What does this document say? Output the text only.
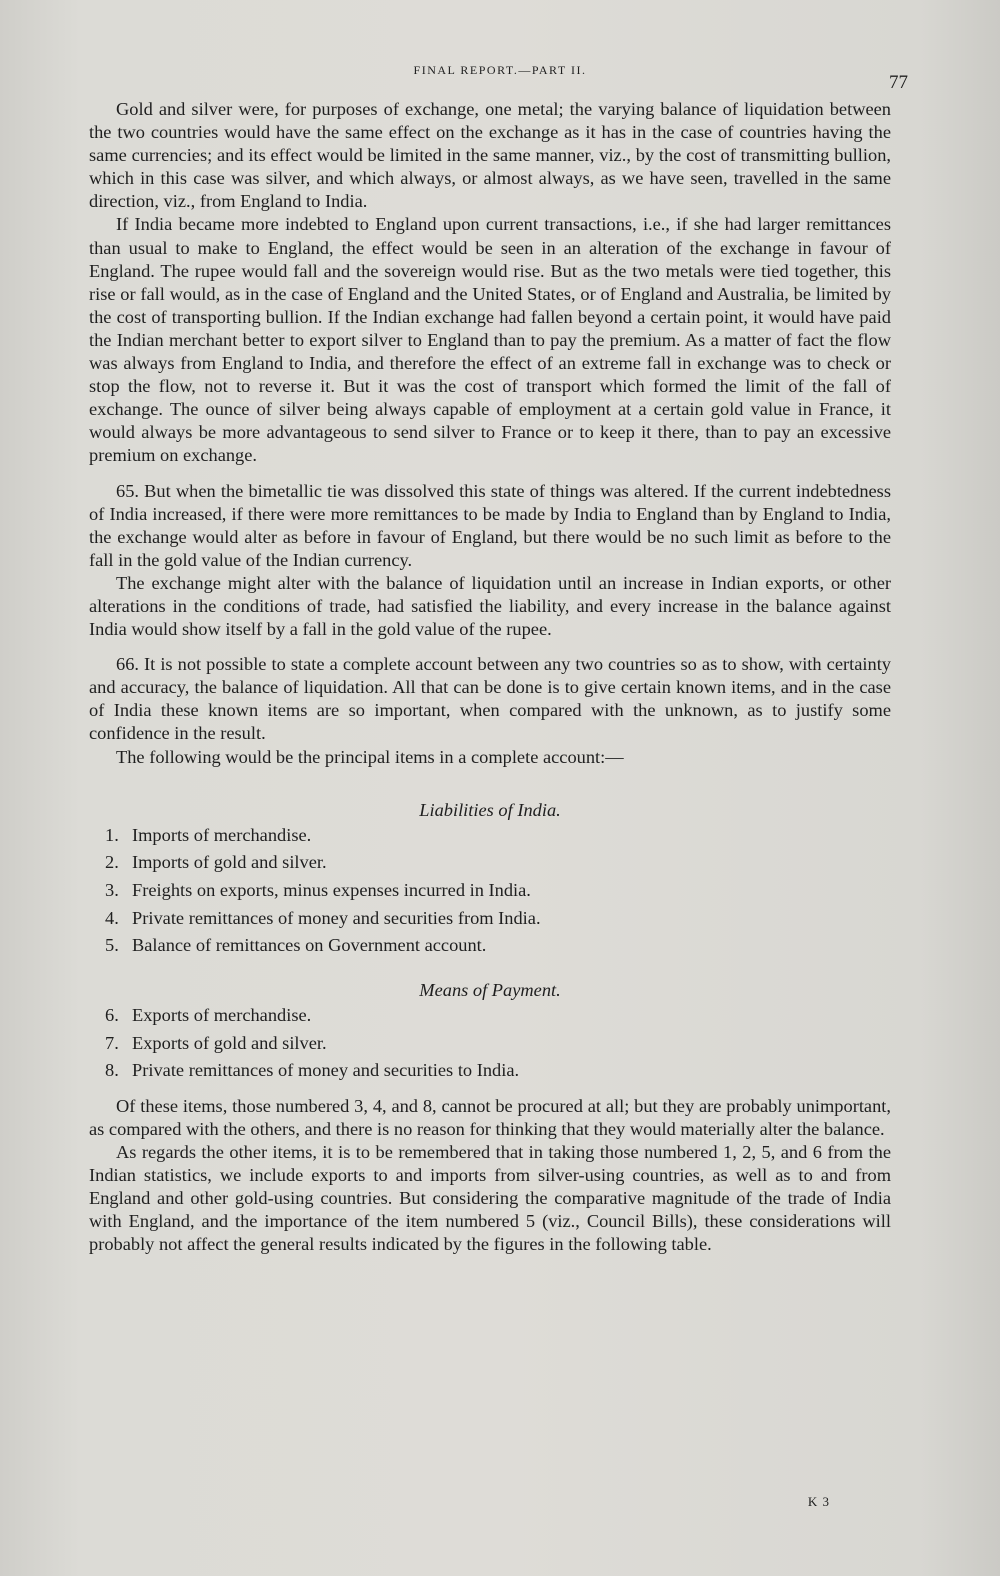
FINAL REPORT.—PART II.
77

Gold and silver were, for purposes of exchange, one metal; the varying balance of liquidation between the two countries would have the same effect on the exchange as it has in the case of countries having the same currencies; and its effect would be limited in the same manner, viz., by the cost of transmitting bullion, which in this case was silver, and which always, or almost always, as we have seen, travelled in the same direction, viz., from England to India.

If India became more indebted to England upon current transactions, i.e., if she had larger remittances than usual to make to England, the effect would be seen in an alteration of the exchange in favour of England. The rupee would fall and the sovereign would rise. But as the two metals were tied together, this rise or fall would, as in the case of England and the United States, or of England and Australia, be limited by the cost of transporting bullion. If the Indian exchange had fallen beyond a certain point, it would have paid the Indian merchant better to export silver to England than to pay the premium. As a matter of fact the flow was always from England to India, and therefore the effect of an extreme fall in exchange was to check or stop the flow, not to reverse it. But it was the cost of transport which formed the limit of the fall of exchange. The ounce of silver being always capable of employment at a certain gold value in France, it would always be more advantageous to send silver to France or to keep it there, than to pay an excessive premium on exchange.

65. But when the bimetallic tie was dissolved this state of things was altered. If the current indebtedness of India increased, if there were more remittances to be made by India to England than by England to India, the exchange would alter as before in favour of England, but there would be no such limit as before to the fall in the gold value of the Indian currency.

The exchange might alter with the balance of liquidation until an increase in Indian exports, or other alterations in the conditions of trade, had satisfied the liability, and every increase in the balance against India would show itself by a fall in the gold value of the rupee.

66. It is not possible to state a complete account between any two countries so as to show, with certainty and accuracy, the balance of liquidation. All that can be done is to give certain known items, and in the case of India these known items are so important, when compared with the unknown, as to justify some confidence in the result.

The following would be the principal items in a complete account:—

Liabilities of India.

1. Imports of merchandise.
2. Imports of gold and silver.
3. Freights on exports, minus expenses incurred in India.
4. Private remittances of money and securities from India.
5. Balance of remittances on Government account.

Means of Payment.

6. Exports of merchandise.
7. Exports of gold and silver.
8. Private remittances of money and securities to India.

Of these items, those numbered 3, 4, and 8, cannot be procured at all; but they are probably unimportant, as compared with the others, and there is no reason for thinking that they would materially alter the balance.

As regards the other items, it is to be remembered that in taking those numbered 1, 2, 5, and 6 from the Indian statistics, we include exports to and imports from silver-using countries, as well as to and from England and other gold-using countries. But considering the comparative magnitude of the trade of India with England, and the importance of the item numbered 5 (viz., Council Bills), these considerations will probably not affect the general results indicated by the figures in the following table.

K 3
